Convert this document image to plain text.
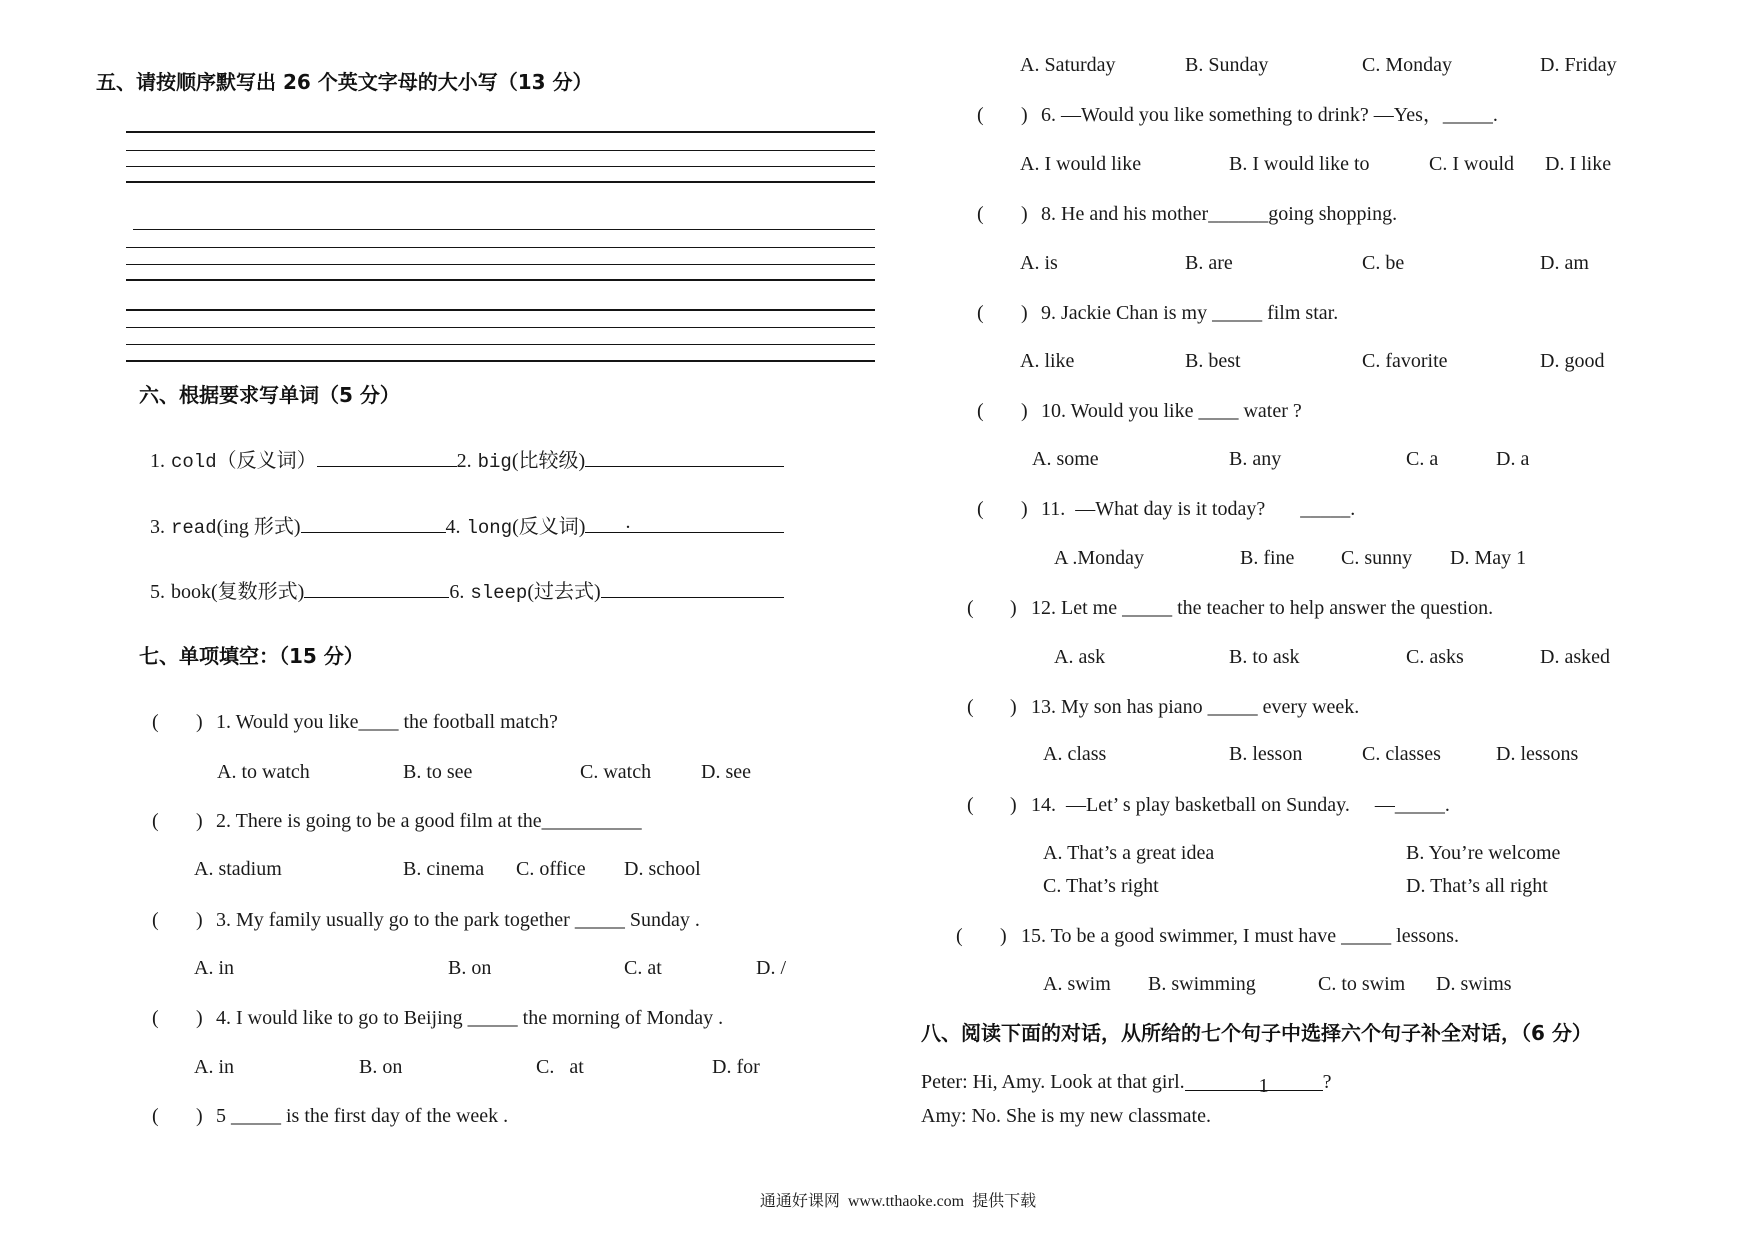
五、请按顺序默写出 26 个英文字母的大小写（13 分）
六、根据要求写单词（5 分）
1. cold（反义词）	2. big(比较级)
3. read(ing 形式)	4. long(反义词) .
5. book(复数形式)	6. sleep(过去式)
七、单项填空：（15 分）
( ) 1. Would you like____ the football match?
A. to watch	B. to see	C. watch D. see
( ) 2. There is going to be a good film at the__________
A. stadium	B. cinema C. office D. school
( ) 3. My family usually go to the park together _____ Sunday .
A. in	B. on	C. at	D. /
( ) 4. I would like to go to Beijing _____ the morning of Monday .
A. in	B. on	C.   at	D. for
( ) 5 _____ is the first day of the week .
A. Saturday	B. Sunday	C. Monday	D. Friday
( ) 6. —Would you like something to drink? —Yes，_____.
A. I would like	B. I would like to	C. I would D. I like
( ) 8. He and his mother______going shopping.
A. is	B. are	C. be	D. am
( ) 9. Jackie Chan is my _____ film star.
A. like	B. best	C. favorite	D. good
( ) 10. Would you like ____ water ?
A. some	B. any	C. a	D. a
( ) 11.  —What day is it today?       _____.
A .Monday	B. fine C. sunny D. May 1
( ) 12. Let me _____ the teacher to help answer the question.
A. ask	B. to ask	C. asks	D. asked
( ) 13. My son has piano _____ every week.
A. class	B. lesson	C. classes	D. lessons
( ) 14.  —Let’ s play basketball on Sunday.     —_____.
A. That’s a great idea	B. You’re welcome
C. That’s right	D. That’s all right
( ) 15. To be a good swimmer, I must have _____ lessons.
A. swim B. swimming	C. to swim D. swims
八、阅读下面的对话，从所给的七个句子中选择六个句子补全对话，（6 分）
Peter: Hi, Amy. Look at that girl.	1	?
Amy: No. She is my new classmate.
通通好课网  www.tthaoke.com  提供下载
